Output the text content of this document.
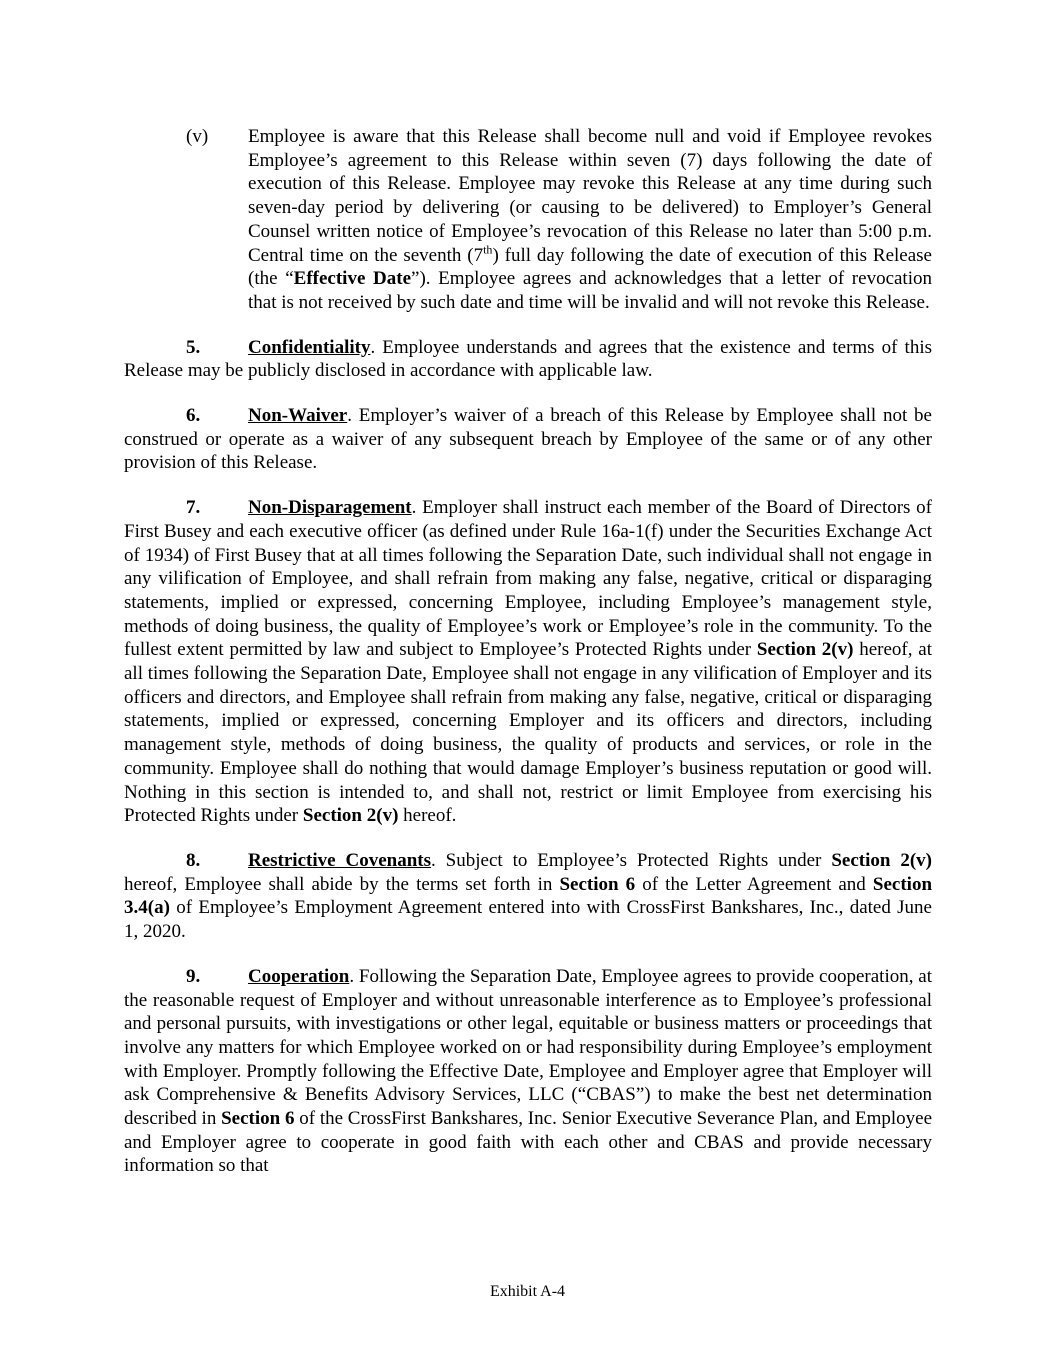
(v) Employee is aware that this Release shall become null and void if Employee revokes Employee’s agreement to this Release within seven (7) days following the date of execution of this Release. Employee may revoke this Release at any time during such seven-day period by delivering (or causing to be delivered) to Employer’s General Counsel written notice of Employee’s revocation of this Release no later than 5:00 p.m. Central time on the seventh (7th) full day following the date of execution of this Release (the “Effective Date”). Employee agrees and acknowledges that a letter of revocation that is not received by such date and time will be invalid and will not revoke this Release.

5.	Confidentiality. Employee understands and agrees that the existence and terms of this Release may be publicly disclosed in accordance with applicable law.

6.	Non-Waiver. Employer’s waiver of a breach of this Release by Employee shall not be construed or operate as a waiver of any subsequent breach by Employee of the same or of any other provision of this Release.

7.	Non-Disparagement. Employer shall instruct each member of the Board of Directors of First Busey and each executive officer (as defined under Rule 16a-1(f) under the Securities Exchange Act of 1934) of First Busey that at all times following the Separation Date, such individual shall not engage in any vilification of Employee, and shall refrain from making any false, negative, critical or disparaging statements, implied or expressed, concerning Employee, including Employee’s management style, methods of doing business, the quality of Employee’s work or Employee’s role in the community. To the fullest extent permitted by law and subject to Employee’s Protected Rights under Section 2(v) hereof, at all times following the Separation Date, Employee shall not engage in any vilification of Employer and its officers and directors, and Employee shall refrain from making any false, negative, critical or disparaging statements, implied or expressed, concerning Employer and its officers and directors, including management style, methods of doing business, the quality of products and services, or role in the community. Employee shall do nothing that would damage Employer’s business reputation or good will. Nothing in this section is intended to, and shall not, restrict or limit Employee from exercising his Protected Rights under Section 2(v) hereof.

8.	Restrictive Covenants. Subject to Employee’s Protected Rights under Section 2(v) hereof, Employee shall abide by the terms set forth in Section 6 of the Letter Agreement and Section 3.4(a) of Employee’s Employment Agreement entered into with CrossFirst Bankshares, Inc., dated June 1, 2020.

9.	Cooperation. Following the Separation Date, Employee agrees to provide cooperation, at the reasonable request of Employer and without unreasonable interference as to Employee’s professional and personal pursuits, with investigations or other legal, equitable or business matters or proceedings that involve any matters for which Employee worked on or had responsibility during Employee’s employment with Employer. Promptly following the Effective Date, Employee and Employer agree that Employer will ask Comprehensive & Benefits Advisory Services, LLC (“CBAS”) to make the best net determination described in Section 6 of the CrossFirst Bankshares, Inc. Senior Executive Severance Plan, and Employee and Employer agree to cooperate in good faith with each other and CBAS and provide necessary information so that

Exhibit A-4
